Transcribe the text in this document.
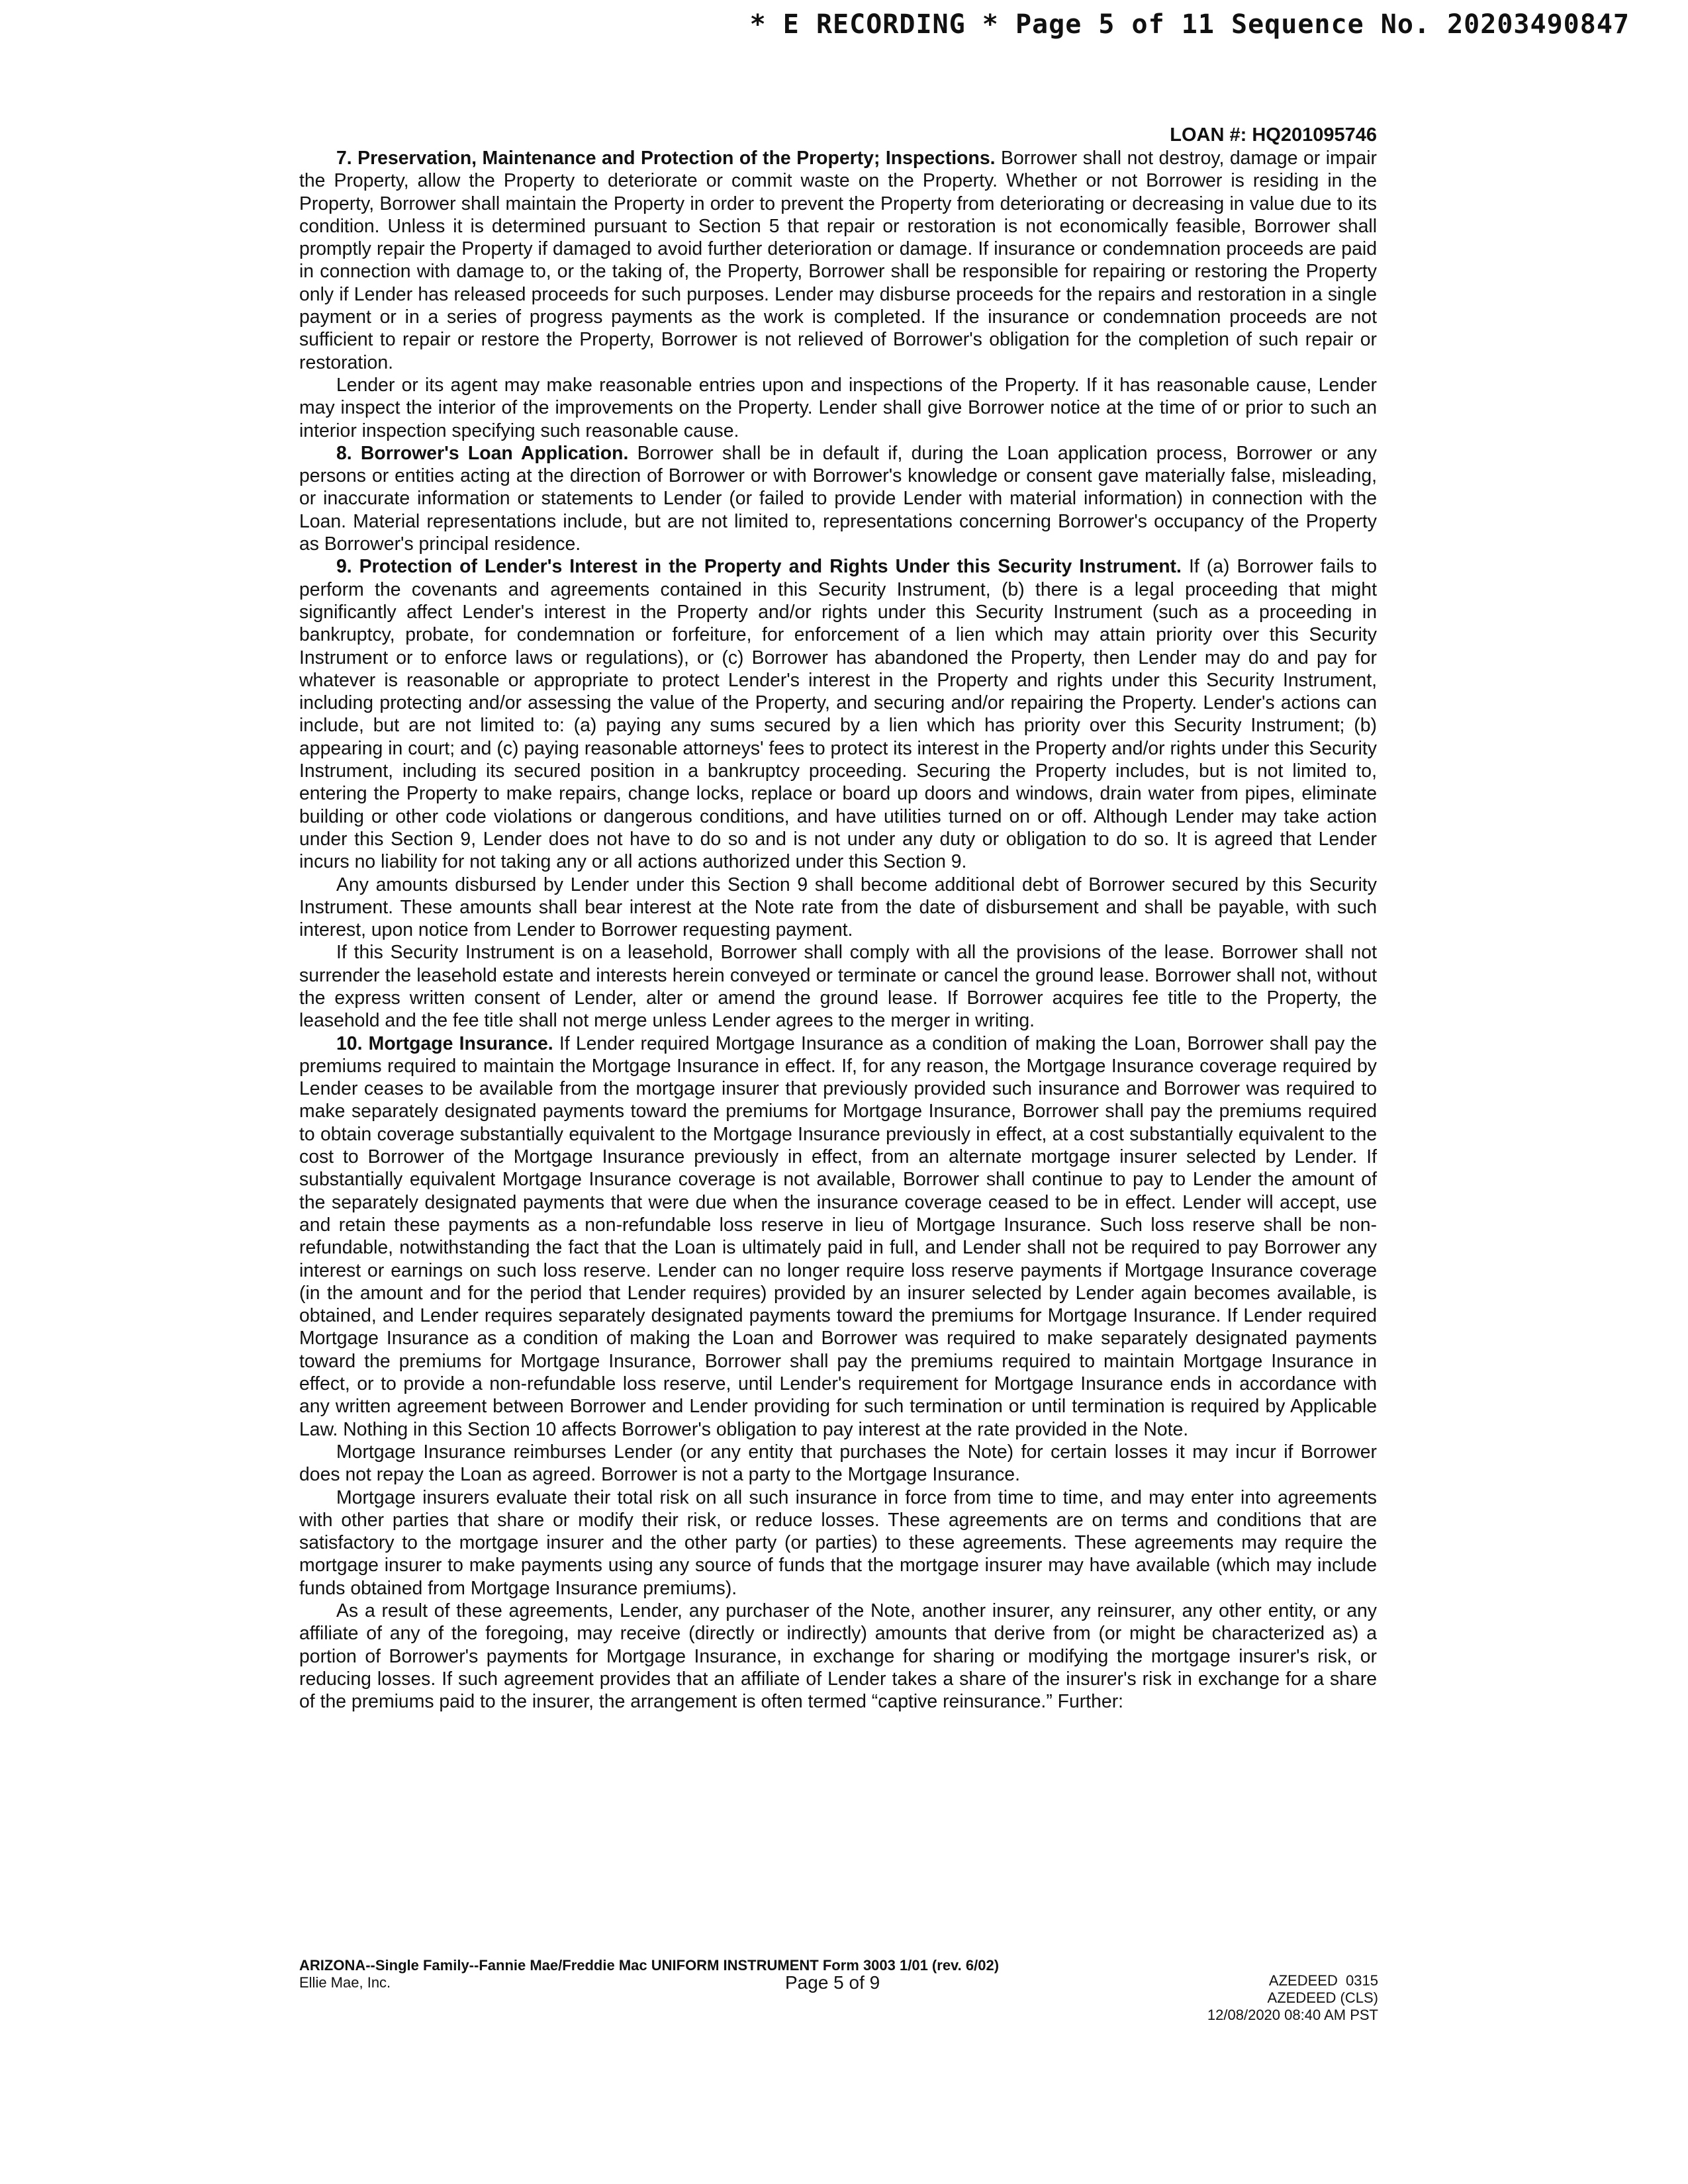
* E RECORDING * Page 5 of 11 Sequence No. 20203490847
LOAN #: HQ201095746

7. Preservation, Maintenance and Protection of the Property; Inspections. Borrower shall not destroy, damage or impair the Property, allow the Property to deteriorate or commit waste on the Property. Whether or not Borrower is residing in the Property, Borrower shall maintain the Property in order to prevent the Property from deteriorating or decreasing in value due to its condition. Unless it is determined pursuant to Section 5 that repair or restoration is not economically feasible, Borrower shall promptly repair the Property if damaged to avoid further deterioration or damage. If insurance or condemnation proceeds are paid in connection with damage to, or the taking of, the Property, Borrower shall be responsible for repairing or restoring the Property only if Lender has released proceeds for such purposes. Lender may disburse proceeds for the repairs and restoration in a single payment or in a series of progress payments as the work is completed. If the insurance or condemnation proceeds are not sufficient to repair or restore the Property, Borrower is not relieved of Borrower's obligation for the completion of such repair or restoration.

Lender or its agent may make reasonable entries upon and inspections of the Property. If it has reasonable cause, Lender may inspect the interior of the improvements on the Property. Lender shall give Borrower notice at the time of or prior to such an interior inspection specifying such reasonable cause.

8. Borrower's Loan Application. Borrower shall be in default if, during the Loan application process, Borrower or any persons or entities acting at the direction of Borrower or with Borrower's knowledge or consent gave materially false, misleading, or inaccurate information or statements to Lender (or failed to provide Lender with material information) in connection with the Loan. Material representations include, but are not limited to, representations concerning Borrower's occupancy of the Property as Borrower's principal residence.

9. Protection of Lender's Interest in the Property and Rights Under this Security Instrument. If (a) Borrower fails to perform the covenants and agreements contained in this Security Instrument, (b) there is a legal proceeding that might significantly affect Lender's interest in the Property and/or rights under this Security Instrument (such as a proceeding in bankruptcy, probate, for condemnation or forfeiture, for enforcement of a lien which may attain priority over this Security Instrument or to enforce laws or regulations), or (c) Borrower has abandoned the Property, then Lender may do and pay for whatever is reasonable or appropriate to protect Lender's interest in the Property and rights under this Security Instrument, including protecting and/or assessing the value of the Property, and securing and/or repairing the Property. Lender's actions can include, but are not limited to: (a) paying any sums secured by a lien which has priority over this Security Instrument; (b) appearing in court; and (c) paying reasonable attorneys' fees to protect its interest in the Property and/or rights under this Security Instrument, including its secured position in a bankruptcy proceeding. Securing the Property includes, but is not limited to, entering the Property to make repairs, change locks, replace or board up doors and windows, drain water from pipes, eliminate building or other code violations or dangerous conditions, and have utilities turned on or off. Although Lender may take action under this Section 9, Lender does not have to do so and is not under any duty or obligation to do so. It is agreed that Lender incurs no liability for not taking any or all actions authorized under this Section 9.

Any amounts disbursed by Lender under this Section 9 shall become additional debt of Borrower secured by this Security Instrument. These amounts shall bear interest at the Note rate from the date of disbursement and shall be payable, with such interest, upon notice from Lender to Borrower requesting payment.

If this Security Instrument is on a leasehold, Borrower shall comply with all the provisions of the lease. Borrower shall not surrender the leasehold estate and interests herein conveyed or terminate or cancel the ground lease. Borrower shall not, without the express written consent of Lender, alter or amend the ground lease. If Borrower acquires fee title to the Property, the leasehold and the fee title shall not merge unless Lender agrees to the merger in writing.

10. Mortgage Insurance. If Lender required Mortgage Insurance as a condition of making the Loan, Borrower shall pay the premiums required to maintain the Mortgage Insurance in effect. If, for any reason, the Mortgage Insurance coverage required by Lender ceases to be available from the mortgage insurer that previously provided such insurance and Borrower was required to make separately designated payments toward the premiums for Mortgage Insurance, Borrower shall pay the premiums required to obtain coverage substantially equivalent to the Mortgage Insurance previously in effect, at a cost substantially equivalent to the cost to Borrower of the Mortgage Insurance previously in effect, from an alternate mortgage insurer selected by Lender. If substantially equivalent Mortgage Insurance coverage is not available, Borrower shall continue to pay to Lender the amount of the separately designated payments that were due when the insurance coverage ceased to be in effect. Lender will accept, use and retain these payments as a non-refundable loss reserve in lieu of Mortgage Insurance. Such loss reserve shall be non-refundable, notwithstanding the fact that the Loan is ultimately paid in full, and Lender shall not be required to pay Borrower any interest or earnings on such loss reserve. Lender can no longer require loss reserve payments if Mortgage Insurance coverage (in the amount and for the period that Lender requires) provided by an insurer selected by Lender again becomes available, is obtained, and Lender requires separately designated payments toward the premiums for Mortgage Insurance. If Lender required Mortgage Insurance as a condition of making the Loan and Borrower was required to make separately designated payments toward the premiums for Mortgage Insurance, Borrower shall pay the premiums required to maintain Mortgage Insurance in effect, or to provide a non-refundable loss reserve, until Lender's requirement for Mortgage Insurance ends in accordance with any written agreement between Borrower and Lender providing for such termination or until termination is required by Applicable Law. Nothing in this Section 10 affects Borrower's obligation to pay interest at the rate provided in the Note.

Mortgage Insurance reimburses Lender (or any entity that purchases the Note) for certain losses it may incur if Borrower does not repay the Loan as agreed. Borrower is not a party to the Mortgage Insurance.

Mortgage insurers evaluate their total risk on all such insurance in force from time to time, and may enter into agreements with other parties that share or modify their risk, or reduce losses. These agreements are on terms and conditions that are satisfactory to the mortgage insurer and the other party (or parties) to these agreements. These agreements may require the mortgage insurer to make payments using any source of funds that the mortgage insurer may have available (which may include funds obtained from Mortgage Insurance premiums).

As a result of these agreements, Lender, any purchaser of the Note, another insurer, any reinsurer, any other entity, or any affiliate of any of the foregoing, may receive (directly or indirectly) amounts that derive from (or might be characterized as) a portion of Borrower's payments for Mortgage Insurance, in exchange for sharing or modifying the mortgage insurer's risk, or reducing losses. If such agreement provides that an affiliate of Lender takes a share of the insurer's risk in exchange for a share of the premiums paid to the insurer, the arrangement is often termed “captive reinsurance.” Further:

ARIZONA--Single Family--Fannie Mae/Freddie Mac UNIFORM INSTRUMENT Form 3003 1/01 (rev. 6/02)
Ellie Mae, Inc.	Page 5 of 9	AZEDEED  0315
AZEDEED (CLS)
12/08/2020 08:40 AM PST
